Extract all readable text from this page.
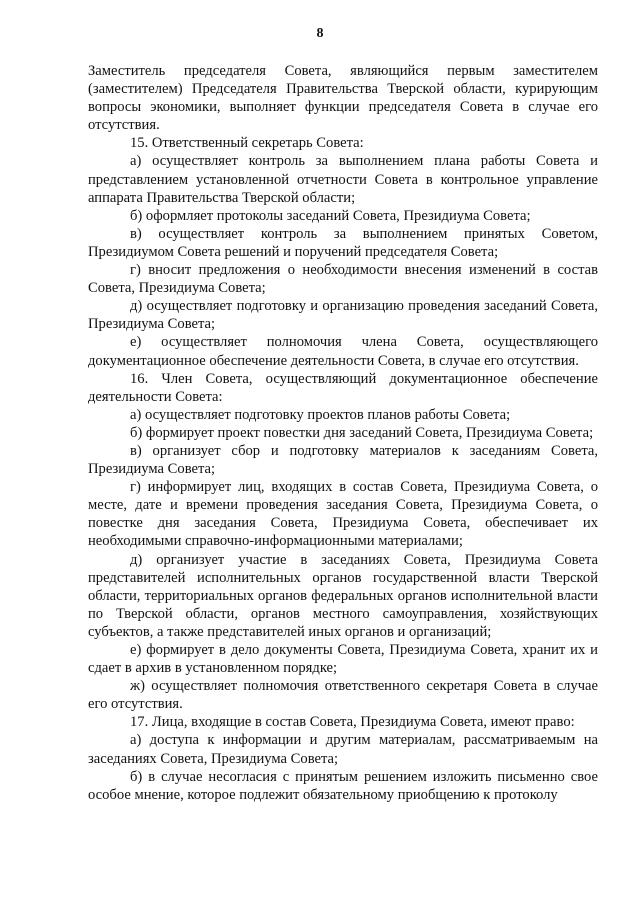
8

Заместитель председателя Совета, являющийся первым заместителем (заместителем) Председателя Правительства Тверской области, курирующим вопросы экономики, выполняет функции председателя Совета в случае его отсутствия.

15. Ответственный секретарь Совета:

а) осуществляет контроль за выполнением плана работы Совета и представлением установленной отчетности Совета в контрольное управление аппарата Правительства Тверской области;

б) оформляет протоколы заседаний Совета, Президиума Совета;

в) осуществляет контроль за выполнением принятых Советом, Президиумом Совета решений и поручений председателя Совета;

г) вносит предложения о необходимости внесения изменений в состав Совета, Президиума Совета;

д) осуществляет подготовку и организацию проведения заседаний Совета, Президиума Совета;

е) осуществляет полномочия члена Совета, осуществляющего документационное обеспечение деятельности Совета, в случае его отсутствия.

16. Член Совета, осуществляющий документационное обеспечение деятельности Совета:

а) осуществляет подготовку проектов планов работы Совета;

б) формирует проект повестки дня заседаний Совета, Президиума Совета;

в) организует сбор и подготовку материалов к заседаниям Совета, Президиума Совета;

г) информирует лиц, входящих в состав Совета, Президиума Совета, о месте, дате и времени проведения заседания Совета, Президиума Совета, о повестке дня заседания Совета, Президиума Совета, обеспечивает их необходимыми справочно-информационными материалами;

д) организует участие в заседаниях Совета, Президиума Совета представителей исполнительных органов государственной власти Тверской области, территориальных органов федеральных органов исполнительной власти по Тверской области, органов местного самоуправления, хозяйствующих субъектов, а также представителей иных органов и организаций;

е) формирует в дело документы Совета, Президиума Совета, хранит их и сдает в архив в установленном порядке;

ж) осуществляет полномочия ответственного секретаря Совета в случае его отсутствия.

17. Лица, входящие в состав Совета, Президиума Совета, имеют право:

а) доступа к информации и другим материалам, рассматриваемым на заседаниях Совета, Президиума Совета;

б) в случае несогласия с принятым решением изложить письменно свое особое мнение, которое подлежит обязательному приобщению к протоколу
